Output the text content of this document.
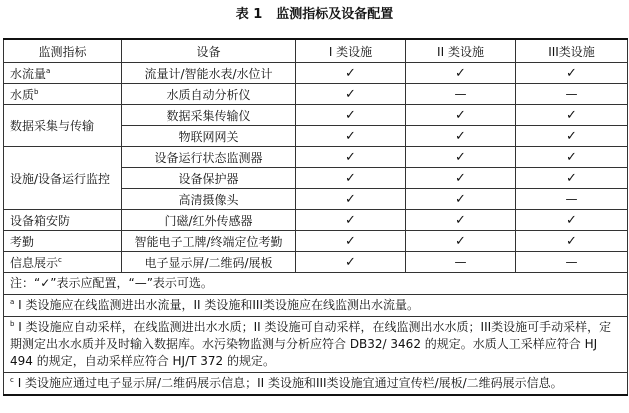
表 1 监测指标及设备配置
监测指标	设备	I 类设施	II 类设施	III类设施
水流量$^a$	流量计/智能水表/水位计	✓	✓	✓
水质$^b$	水质自动分析仪	✓	—	—
数据采集与传输	数据采集传输仪	✓	✓	✓
	物联网网关	✓	✓	✓
设施/设备运行监控	设备运行状态监测器	✓	✓	✓
	设备保护器	✓	✓	✓
	高清摄像头	✓	✓	—
设备箱安防	门磁/红外传感器	✓	✓	✓
考勤	智能电子工牌/终端定位考勤	✓	✓	✓
信息展示$^c$	电子显示屏/二维码/展板	✓	—	—
注：“✓”表示应配置，“—”表示可选。				
$^a$ I 类设施应在线监测进出水流量，II 类设施和III类设施应在线监测出水流量。				
$^b$ I 类设施应自动采样，在线监测进出水水质；II 类设施可自动采样，在线监测出水水质；III类设施可手动采样，定期测定出水水质并及时输入数据库。水污染物监测与分析应符合 DB32/ 3462 的规定。水质人工采样应符合 HJ 494 的规定，自动采样应符合 HJ/T 372 的规定。				
$^c$ I 类设施应通过电子显示屏/二维码展示信息；II 类设施和III类设施宜通过宣传栏/展板/二维码展示信息。				
